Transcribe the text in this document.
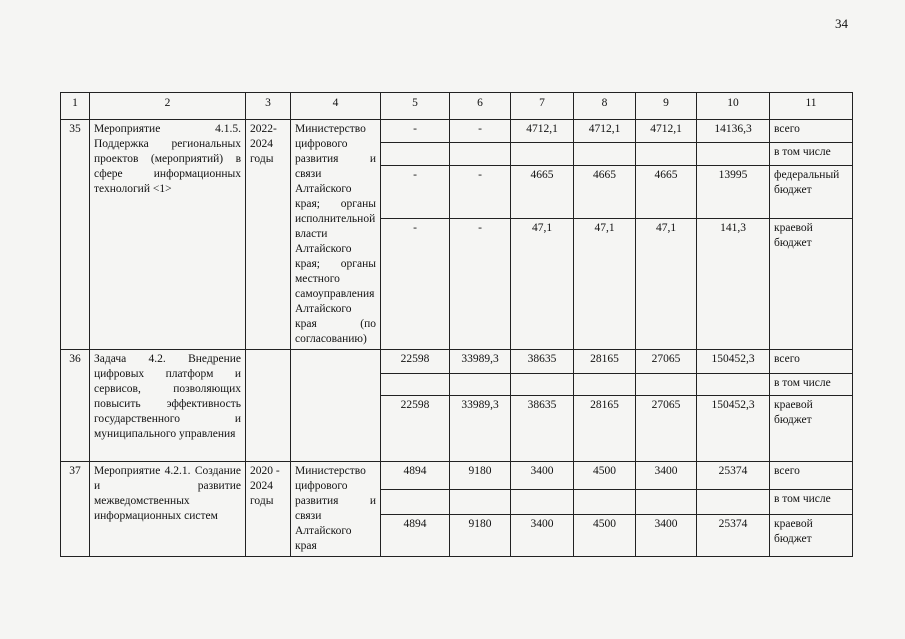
34
1	2	3	4	5	6	7	8	9	10	11
35	Мероприятие 4.1.5. Поддержка региональных проектов (мероприятий) в сфере информационных технологий <1>	2022-2024 годы	Министерство цифрового развития и связи Алтайского края; органы исполнительной власти Алтайского края; органы местного самоуправления Алтайского края (по согласованию)	-	-	4712,1	4712,1	4712,1	14136,3	всего
										в том числе
				-	-	4665	4665	4665	13995	федеральный бюджет
				-	-	47,1	47,1	47,1	141,3	краевой бюджет
36	Задача 4.2. Внедрение цифровых платформ и сервисов, позволяющих повысить эффективность государственного и муниципального управления			22598	33989,3	38635	28165	27065	150452,3	всего
										в том числе
				22598	33989,3	38635	28165	27065	150452,3	краевой бюджет
37	Мероприятие 4.2.1. Создание и развитие межведомственных информационных систем	2020 - 2024 годы	Министерство цифрового развития и связи Алтайского края	4894	9180	3400	4500	3400	25374	всего
										в том числе
				4894	9180	3400	4500	3400	25374	краевой бюджет
